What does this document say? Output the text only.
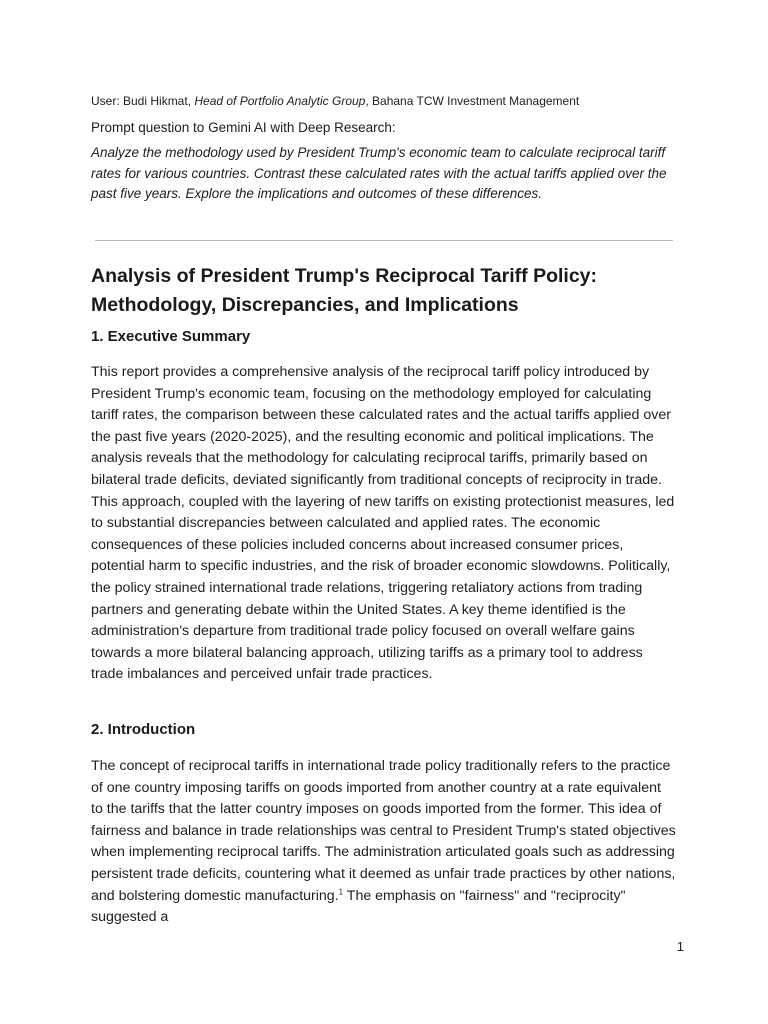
User: Budi Hikmat, Head of Portfolio Analytic Group, Bahana TCW Investment Management
Prompt question to Gemini AI with Deep Research:
Analyze the methodology used by President Trump's economic team to calculate reciprocal tariff rates for various countries. Contrast these calculated rates with the actual tariffs applied over the past five years. Explore the implications and outcomes of these differences.
Analysis of President Trump's Reciprocal Tariff Policy: Methodology, Discrepancies, and Implications
1. Executive Summary

This report provides a comprehensive analysis of the reciprocal tariff policy introduced by President Trump's economic team, focusing on the methodology employed for calculating tariff rates, the comparison between these calculated rates and the actual tariffs applied over the past five years (2020-2025), and the resulting economic and political implications. The analysis reveals that the methodology for calculating reciprocal tariffs, primarily based on bilateral trade deficits, deviated significantly from traditional concepts of reciprocity in trade. This approach, coupled with the layering of new tariffs on existing protectionist measures, led to substantial discrepancies between calculated and applied rates. The economic consequences of these policies included concerns about increased consumer prices, potential harm to specific industries, and the risk of broader economic slowdowns. Politically, the policy strained international trade relations, triggering retaliatory actions from trading partners and generating debate within the United States. A key theme identified is the administration's departure from traditional trade policy focused on overall welfare gains towards a more bilateral balancing approach, utilizing tariffs as a primary tool to address trade imbalances and perceived unfair trade practices.

2. Introduction

The concept of reciprocal tariffs in international trade policy traditionally refers to the practice of one country imposing tariffs on goods imported from another country at a rate equivalent to the tariffs that the latter country imposes on goods imported from the former. This idea of fairness and balance in trade relationships was central to President Trump's stated objectives when implementing reciprocal tariffs. The administration articulated goals such as addressing persistent trade deficits, countering what it deemed as unfair trade practices by other nations, and bolstering domestic manufacturing.$^1$ The emphasis on "fairness" and "reciprocity" suggested a

1
